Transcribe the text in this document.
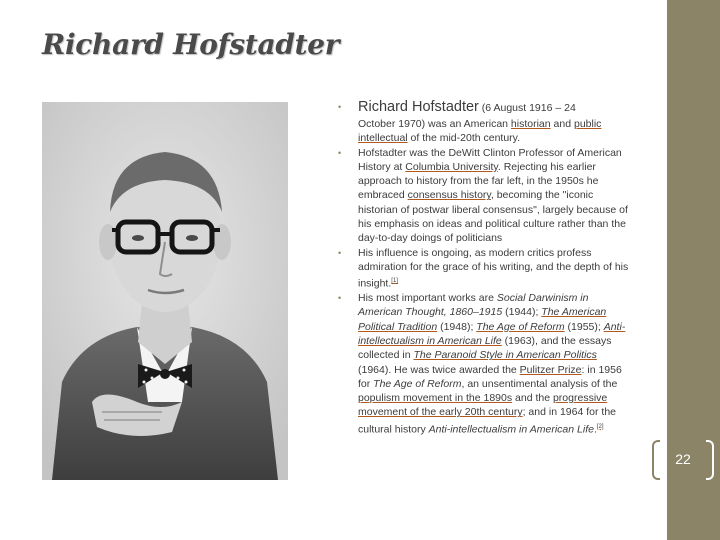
Richard Hofstadter
• Richard Hofstadter (6 August 1916 – 24
October 1970) was an American historian and public intellectual of the mid-20th century.
• Hofstadter was the DeWitt Clinton Professor of American History at Columbia University. Rejecting his earlier approach to history from the far left, in the 1950s he embraced consensus history, becoming the "iconic historian of postwar liberal consensus", largely because of his emphasis on ideas and political culture rather than the day-to-day doings of politicians
• His influence is ongoing, as modern critics profess admiration for the grace of his writing, and the depth of his insight.[1]
• His most important works are Social Darwinism in American Thought, 1860–1915 (1944); The American Political Tradition (1948); The Age of Reform (1955); Anti-intellectualism in American Life (1963), and the essays collected in The Paranoid Style in American Politics (1964). He was twice awarded the Pulitzer Prize: in 1956 for The Age of Reform, an unsentimental analysis of the populism movement in the 1890s and the progressive movement of the early 20th century; and in 1964 for the cultural history Anti-intellectualism in American Life.[2]
22
